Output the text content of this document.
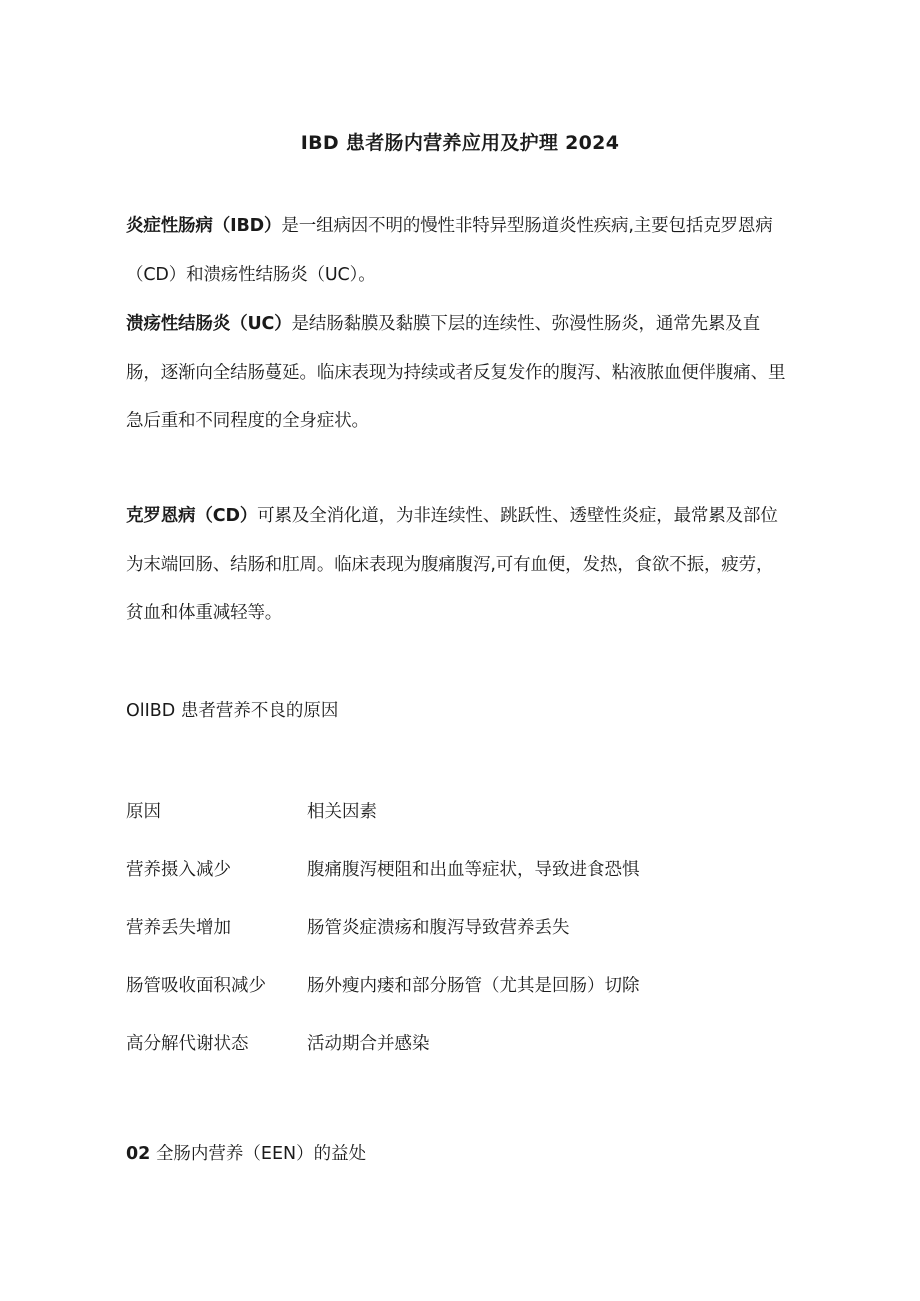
IBD 患者肠内营养应用及护理 2024
炎症性肠病（IBD）是一组病因不明的慢性非特异型肠道炎性疾病,主要包括克罗恩病（CD）和溃疡性结肠炎（UC）。
溃疡性结肠炎（UC）是结肠黏膜及黏膜下层的连续性、弥漫性肠炎，通常先累及直肠，逐渐向全结肠蔓延。临床表现为持续或者反复发作的腹泻、粘液脓血便伴腹痛、里急后重和不同程度的全身症状。
克罗恩病（CD）可累及全消化道，为非连续性、跳跃性、透壁性炎症，最常累及部位为末端回肠、结肠和肛周。临床表现为腹痛腹泻,可有血便，发热，食欲不振，疲劳，贫血和体重减轻等。
OlIBD 患者营养不良的原因
原因	相关因素
营养摄入减少	腹痛腹泻梗阻和出血等症状，导致进食恐惧
营养丢失增加	肠管炎症溃疡和腹泻导致营养丢失
肠管吸收面积减少 肠外瘦内瘘和部分肠管（尤其是回肠）切除
高分解代谢状态	活动期合并感染
02 全肠内营养（EEN）的益处
